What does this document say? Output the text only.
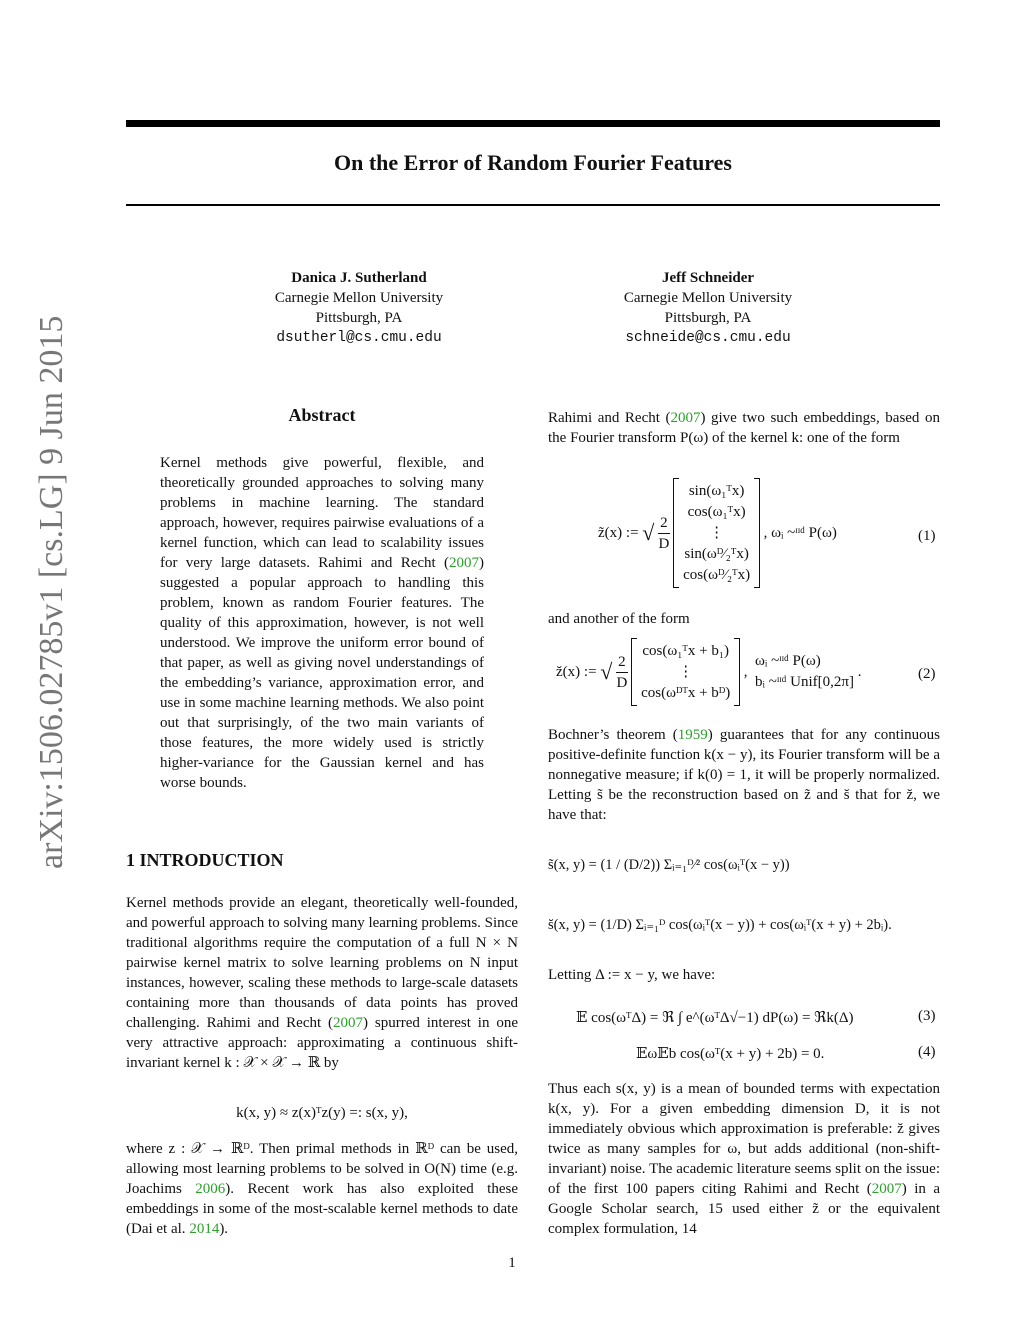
arXiv:1506.02785v1 [cs.LG] 9 Jun 2015
On the Error of Random Fourier Features
Danica J. Sutherland
Carnegie Mellon University
Pittsburgh, PA
dsutherl@cs.cmu.edu
Jeff Schneider
Carnegie Mellon University
Pittsburgh, PA
schneide@cs.cmu.edu
Abstract

Kernel methods give powerful, flexible, and theoretically grounded approaches to solving many problems in machine learning. The standard approach, however, requires pairwise evaluations of a kernel function, which can lead to scalability issues for very large datasets. Rahimi and Recht (2007) suggested a popular approach to handling this problem, known as random Fourier features. The quality of this approximation, however, is not well understood. We improve the uniform error bound of that paper, as well as giving novel understandings of the embedding’s variance, approximation error, and use in some machine learning methods. We also point out that surprisingly, of the two main variants of those features, the more widely used is strictly higher-variance for the Gaussian kernel and has worse bounds.

1 INTRODUCTION

Kernel methods provide an elegant, theoretically well-founded, and powerful approach to solving many learning problems. Since traditional algorithms require the computation of a full N × N pairwise kernel matrix to solve learning problems on N input instances, however, scaling these methods to large-scale datasets containing more than thousands of data points has proved challenging. Rahimi and Recht (2007) spurred interest in one very attractive approach: approximating a continuous shift-invariant kernel k : 𝒳 × 𝒳 → ℝ by

k(x, y) ≈ z(x)ᵀz(y) =: s(x, y),

where z : 𝒳 → ℝᴰ. Then primal methods in ℝᴰ can be used, allowing most learning problems to be solved in O(N) time (e.g. Joachims 2006). Recent work has also exploited these embeddings in some of the most-scalable kernel methods to date (Dai et al. 2014).

Rahimi and Recht (2007) give two such embeddings, based on the Fourier transform P(ω) of the kernel k: one of the form

z̃(x) := √ $\frac{2}{D}$

sin(ω₁ᵀx)
cos(ω₁ᵀx)
⋮
sin(ωᴰ⁄₂ᵀx)
cos(ωᴰ⁄₂ᵀx)
, ωᵢ ~ᶦᶦᵈ P(ω)	(1)
and another of the form
z̆(x) := √ $\frac{2}{D}$

cos(ω₁ᵀx + b₁)
⋮
cos(ωᴰᵀx + bᴰ)
,
ωᵢ ~ᶦᶦᵈ P(ω)
bᵢ ~ᶦᶦᵈ Unif[0,2π]
.	(2)

Bochner’s theorem (1959) guarantees that for any continuous positive-definite function k(x − y), its Fourier transform will be a nonnegative measure; if k(0) = 1, it will be properly normalized. Letting s̃ be the reconstruction based on z̃ and s̆ that for z̆, we have that:

s̃(x, y) = (1 / (D/2)) Σᵢ₌₁ᴰ⁄² cos(ωᵢᵀ(x − y))
s̆(x, y) = (1/D) Σᵢ₌₁ᴰ cos(ωᵢᵀ(x − y)) + cos(ωᵢᵀ(x + y) + 2bᵢ).
Letting Δ := x − y, we have:
𝔼 cos(ωᵀΔ) = ℜ ∫ e^(ωᵀΔ√−1) dP(ω) = ℜk(Δ)	(3)
𝔼ω𝔼b cos(ωᵀ(x + y) + 2b) = 0.	(4)

Thus each s(x, y) is a mean of bounded terms with expectation k(x, y). For a given embedding dimension D, it is not immediately obvious which approximation is preferable: z̆ gives twice as many samples for ω, but adds additional (non-shift-invariant) noise. The academic literature seems split on the issue: of the first 100 papers citing Rahimi and Recht (2007) in a Google Scholar search, 15 used either z̃ or the equivalent complex formulation, 14

1
